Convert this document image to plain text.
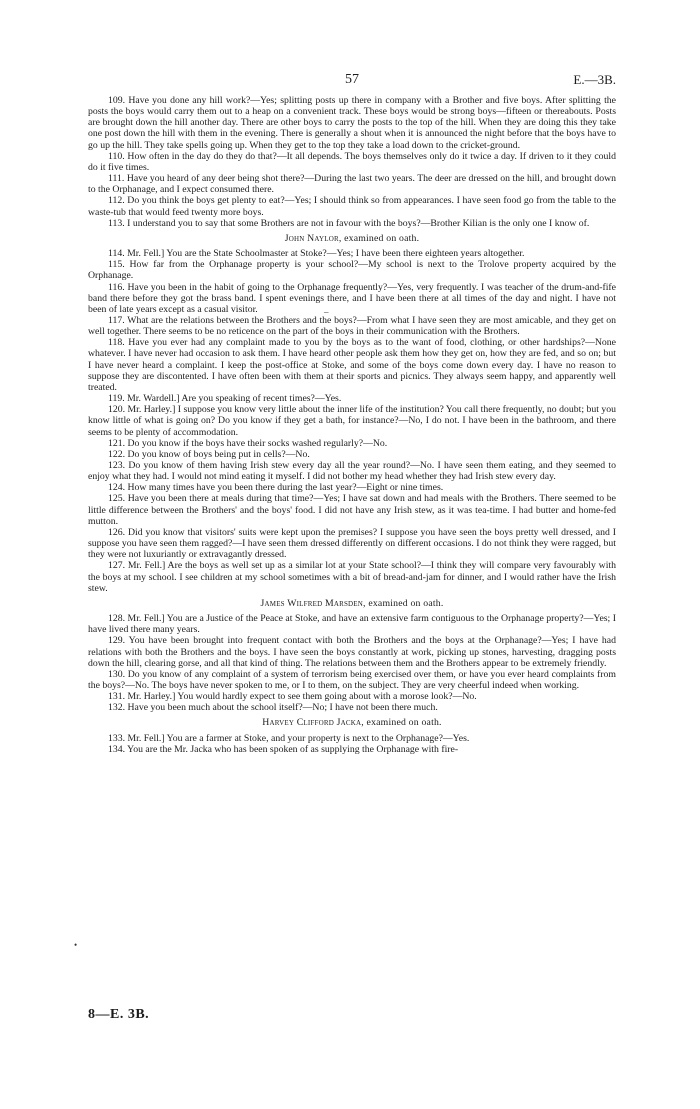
57	E.—3B.

109. Have you done any hill work?—Yes; splitting posts up there in company with a Brother and five boys. After splitting the posts the boys would carry them out to a heap on a convenient track. These boys would be strong boys—fifteen or thereabouts. Posts are brought down the hill another day. There are other boys to carry the posts to the top of the hill. When they are doing this they take one post down the hill with them in the evening. There is generally a shout when it is announced the night before that the boys have to go up the hill. They take spells going up. When they get to the top they take a load down to the cricket-ground.

110. How often in the day do they do that?—It all depends. The boys themselves only do it twice a day. If driven to it they could do it five times.

111. Have you heard of any deer being shot there?—During the last two years. The deer are dressed on the hill, and brought down to the Orphanage, and I expect consumed there.

112. Do you think the boys get plenty to eat?—Yes; I should think so from appearances. I have seen food go from the table to the waste-tub that would feed twenty more boys.

113. I understand you to say that some Brothers are not in favour with the boys?—Brother Kilian is the only one I know of.

John Naylor, examined on oath.

114. Mr. Fell.] You are the State Schoolmaster at Stoke?—Yes; I have been there eighteen years altogether.

115. How far from the Orphanage property is your school?—My school is next to the Trolove property acquired by the Orphanage.

116. Have you been in the habit of going to the Orphanage frequently?—Yes, very frequently. I was teacher of the drum-and-fife band there before they got the brass band. I spent evenings there, and I have been there at all times of the day and night. I have not been of late years except as a casual visitor.

117. What are the relations between the Brothers and the boys?—From what I have seen they are most amicable, and they get on well together. There seems to be no reticence on the part of the boys in their communication with the Brothers.

118. Have you ever had any complaint made to you by the boys as to the want of food, clothing, or other hardships?—None whatever. I have never had occasion to ask them. I have heard other people ask them how they get on, how they are fed, and so on; but I have never heard a complaint. I keep the post-office at Stoke, and some of the boys come down every day. I have no reason to suppose they are discontented. I have often been with them at their sports and picnics. They always seem happy, and apparently well treated.

119. Mr. Wardell.] Are you speaking of recent times?—Yes.

120. Mr. Harley.] I suppose you know very little about the inner life of the institution? You call there frequently, no doubt; but you know little of what is going on? Do you know if they get a bath, for instance?—No, I do not. I have been in the bathroom, and there seems to be plenty of accommodation.

121. Do you know if the boys have their socks washed regularly?—No.

122. Do you know of boys being put in cells?—No.

123. Do you know of them having Irish stew every day all the year round?—No. I have seen them eating, and they seemed to enjoy what they had. I would not mind eating it myself. I did not bother my head whether they had Irish stew every day.

124. How many times have you been there during the last year?—Eight or nine times.

125. Have you been there at meals during that time?—Yes; I have sat down and had meals with the Brothers. There seemed to be little difference between the Brothers' and the boys' food. I did not have any Irish stew, as it was tea-time. I had butter and home-fed mutton.

126. Did you know that visitors' suits were kept upon the premises? I suppose you have seen the boys pretty well dressed, and I suppose you have seen them ragged?—I have seen them dressed differently on different occasions. I do not think they were ragged, but they were not luxuriantly or extravagantly dressed.

127. Mr. Fell.] Are the boys as well set up as a similar lot at your State school?—I think they will compare very favourably with the boys at my school. I see children at my school sometimes with a bit of bread-and-jam for dinner, and I would rather have the Irish stew.

James Wilfred Marsden, examined on oath.

128. Mr. Fell.] You are a Justice of the Peace at Stoke, and have an extensive farm contiguous to the Orphanage property?—Yes; I have lived there many years.

129. You have been brought into frequent contact with both the Brothers and the boys at the Orphanage?—Yes; I have had relations with both the Brothers and the boys. I have seen the boys constantly at work, picking up stones, harvesting, dragging posts down the hill, clearing gorse, and all that kind of thing. The relations between them and the Brothers appear to be extremely friendly.

130. Do you know of any complaint of a system of terrorism being exercised over them, or have you ever heard complaints from the boys?—No. The boys have never spoken to me, or I to them, on the subject. They are very cheerful indeed when working.

131. Mr. Harley.] You would hardly expect to see them going about with a morose look?—No.

132. Have you been much about the school itself?—No; I have not been there much.

Harvey Clifford Jacka, examined on oath.

133. Mr. Fell.] You are a farmer at Stoke, and your property is next to the Orphanage?—Yes.

134. You are the Mr. Jacka who has been spoken of as supplying the Orphanage with fire-

8—E. 3B.
•
–
